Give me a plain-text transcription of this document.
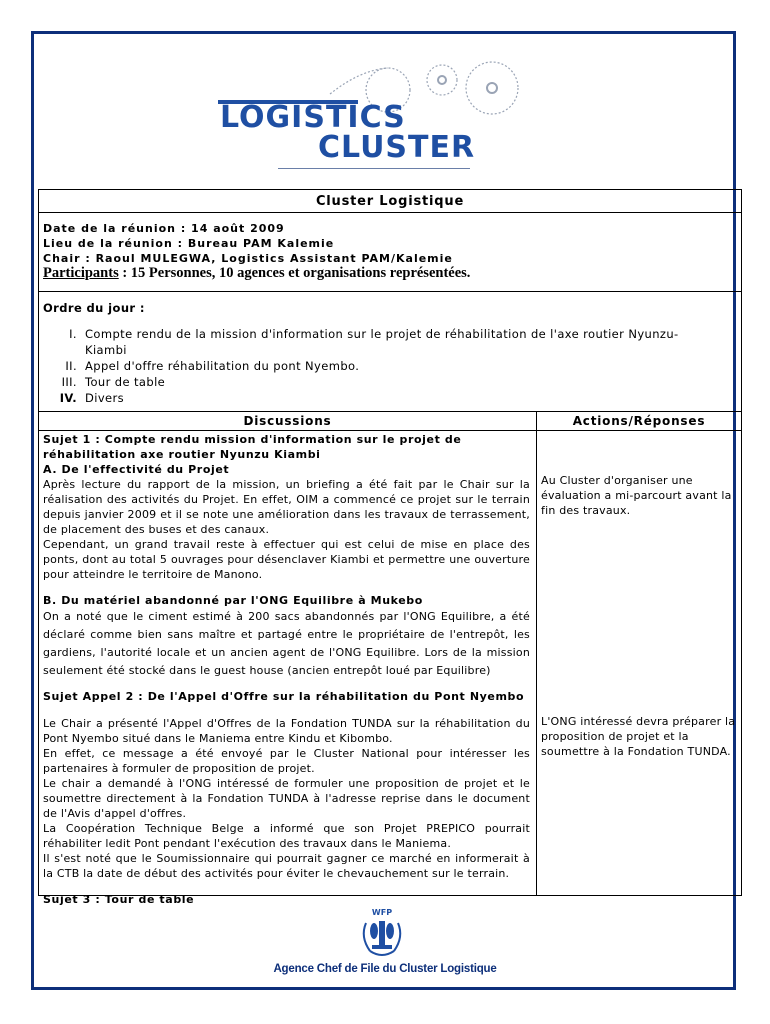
LOGISTICS
CLUSTER
Cluster Logistique
Date de la réunion : 14 août 2009
Lieu de la réunion : Bureau PAM Kalemie
Chair : Raoul MULEGWA, Logistics Assistant PAM/Kalemie
Participants : 15 Personnes, 10 agences et organisations représentées.
Ordre du jour :
I. Compte rendu de la mission d'information sur le projet de réhabilitation de l'axe routier Nyunzu-
Kiambi
II. Appel d'offre réhabilitation du pont Nyembo.
III. Tour de table
IV. Divers
Discussions	Actions/Réponses
Sujet 1 : Compte rendu mission d'information sur le projet de réhabilitation axe routier Nyunzu Kiambi
A. De l'effectivité du Projet

Après lecture du rapport de la mission, un briefing a été fait par le Chair sur la réalisation des activités du Projet. En effet, OIM a commencé ce projet sur le terrain depuis janvier 2009 et il se note une amélioration dans les travaux de terrassement, de placement des buses et des canaux.

Cependant, un grand travail reste à effectuer qui est celui de mise en place des ponts, dont au total 5 ouvrages pour désenclaver Kiambi et permettre une ouverture pour atteindre le territoire de Manono.

B. Du matériel abandonné par l'ONG Equilibre à Mukebo

On a noté que le ciment estimé à 200 sacs abandonnés par l'ONG Equilibre, a été déclaré comme bien sans maître et partagé entre le propriétaire de l'entrepôt, les gardiens, l'autorité locale et un ancien agent de l'ONG Equilibre. Lors de la mission seulement été stocké dans le guest house (ancien entrepôt loué par Equilibre)

Sujet Appel 2 : De l'Appel d'Offre sur la réhabilitation du Pont Nyembo

Le Chair a présenté l'Appel d'Offres de la Fondation TUNDA sur la réhabilitation du Pont Nyembo situé dans le Maniema entre Kindu et Kibombo.

En effet, ce message a été envoyé par le Cluster National pour intéresser les partenaires à formuler de proposition de projet.

Le chair a demandé à l'ONG intéressé de formuler une proposition de projet et le soumettre directement à la Fondation TUNDA à l'adresse reprise dans le document de l'Avis d'appel d'offres.

La Coopération Technique Belge a informé que son Projet PREPICO pourrait réhabiliter ledit Pont pendant l'exécution des travaux dans le Maniema.

Il s'est noté que le Soumissionnaire qui pourrait gagner ce marché en informerait à la CTB la date de début des activités pour éviter le chevauchement sur le terrain.

Sujet 3 : Tour de table
Au Cluster d'organiser une évaluation a mi-parcourt avant la fin des travaux.
L'ONG intéressé devra préparer la proposition de projet et la soumettre à la Fondation TUNDA.
WFP
Agence Chef de File du Cluster Logistique
